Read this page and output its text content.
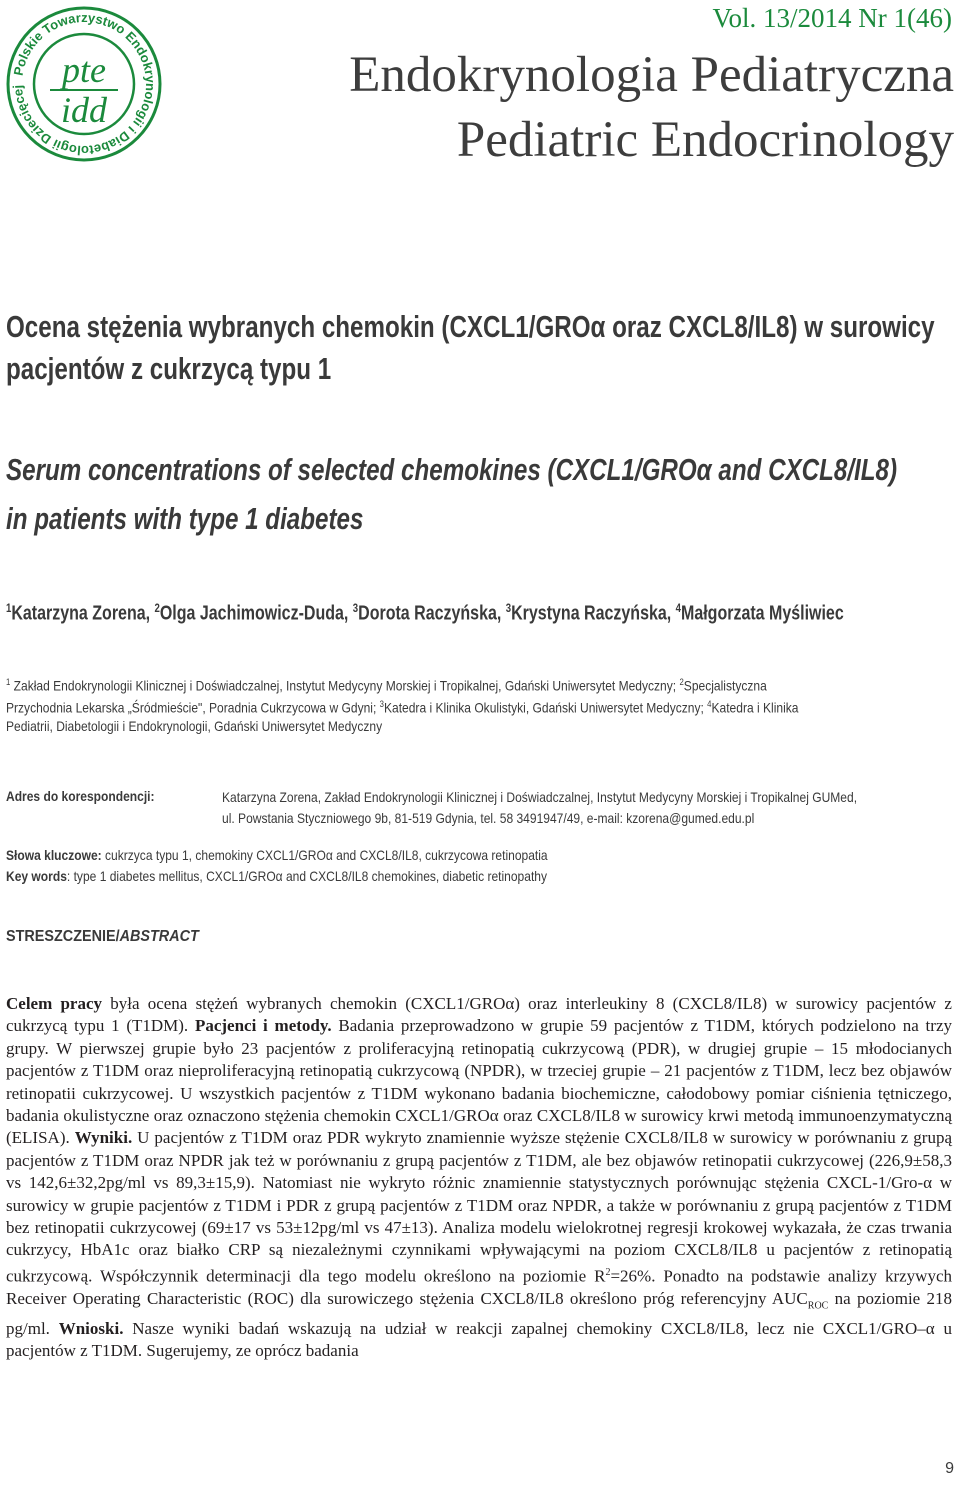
Polskie Towarzystwo Endokrynologii i Diabetologii Dziecięcej	pte
idd
Vol. 13/2014 Nr 1(46)
Endokrynologia Pediatryczna
Pediatric Endocrinology
Ocena stężenia wybranych chemokin (CXCL1/GROα oraz CXCL8/IL8) w surowicy
pacjentów z cukrzycą typu 1
Serum concentrations of selected chemokines (CXCL1/GROα and CXCL8/IL8)
in patients with type 1 diabetes
$^1$Katarzyna Zorena, $^2$Olga Jachimowicz-Duda, $^3$Dorota Raczyńska, $^3$Krystyna Raczyńska, $^4$Małgorzata Myśliwiec
$^1$ Zakład Endokrynologii Klinicznej i Doświadczalnej, Instytut Medycyny Morskiej i Tropikalnej, Gdański Uniwersytet Medyczny; $^2$Specjalistyczna
Przychodnia Lekarska „Śródmieście", Poradnia Cukrzycowa w Gdyni; $^3$Katedra i Klinika Okulistyki, Gdański Uniwersytet Medyczny; $^4$Katedra i Klinika
Pediatrii, Diabetologii i Endokrynologii, Gdański Uniwersytet Medyczny
Adres do korespondencji:	Katarzyna Zorena, Zakład Endokrynologii Klinicznej i Doświadczalnej, Instytut Medycyny Morskiej i Tropikalnej GUMed,
ul. Powstania Styczniowego 9b, 81-519 Gdynia, tel. 58 3491947/49, e-mail: kzorena@gumed.edu.pl
Słowa kluczowe: cukrzyca typu 1, chemokiny CXCL1/GROα and CXCL8/IL8, cukrzycowa retinopatia
Key words: type 1 diabetes mellitus, CXCL1/GROα and CXCL8/IL8 chemokines, diabetic retinopathy
STRESZCZENIE/ABSTRACT
Celem pracy była ocena stężeń wybranych chemokin (CXCL1/GROα) oraz interleukiny 8 (CXCL8/IL8) w surowicy pacjentów z cukrzycą typu 1 (T1DM). Pacjenci i metody. Badania przeprowadzono w grupie 59 pacjentów z T1DM, których podzielono na trzy grupy. W pierwszej grupie było 23 pacjentów z proliferacyjną retinopatią cukrzycową (PDR), w drugiej grupie – 15 młodocianych pacjentów z T1DM oraz nieproliferacyjną retinopatią cukrzycową (NPDR), w trzeciej grupie – 21 pacjentów z T1DM, lecz bez objawów retinopatii cukrzycowej. U wszystkich pacjentów z T1DM wykonano badania biochemiczne, całodobowy pomiar ciśnienia tętniczego, badania okulistyczne oraz oznaczono stężenia chemokin CXCL1/GROα oraz CXCL8/IL8 w surowicy krwi metodą immunoenzymatyczną (ELISA). Wyniki. U pacjentów z T1DM oraz PDR wykryto znamiennie wyższe stężenie CXCL8/IL8 w surowicy w porównaniu z grupą pacjentów z T1DM oraz NPDR jak też w porównaniu z grupą pacjentów z T1DM, ale bez objawów retinopatii cukrzycowej (226,9±58,3 vs 142,6±32,2pg/ml vs 89,3±15,9). Natomiast nie wykryto różnic znamiennie statystycznych porównując stężenia CXCL-1/Gro-α w surowicy w grupie pacjentów z T1DM i PDR z grupą pacjentów z T1DM oraz NPDR, a także w porównaniu z grupą pacjentów z T1DM bez retinopatii cukrzycowej (69±17 vs 53±12pg/ml vs 47±13). Analiza modelu wielokrotnej regresji krokowej wykazała, że czas trwania cukrzycy, HbA1c oraz białko CRP są niezależnymi czynnikami wpływającymi na poziom CXCL8/IL8 u pacjentów z retinopatią cukrzycową. Współczynnik determinacji dla tego modelu określono na poziomie $R^2=26\%$. Ponadto na podstawie analizy krzywych Receiver Operating Characteristic (ROC) dla surowiczego stężenia CXCL8/IL8 określono próg referencyjny $AUC_{ROC}$ na poziomie 218 pg/ml. Wnioski. Nasze wyniki badań wskazują na udział w reakcji zapalnej chemokiny CXCL8/IL8, lecz nie CXCL1/GRO–α u pacjentów z T1DM. Sugerujemy, ze oprócz badania
9
